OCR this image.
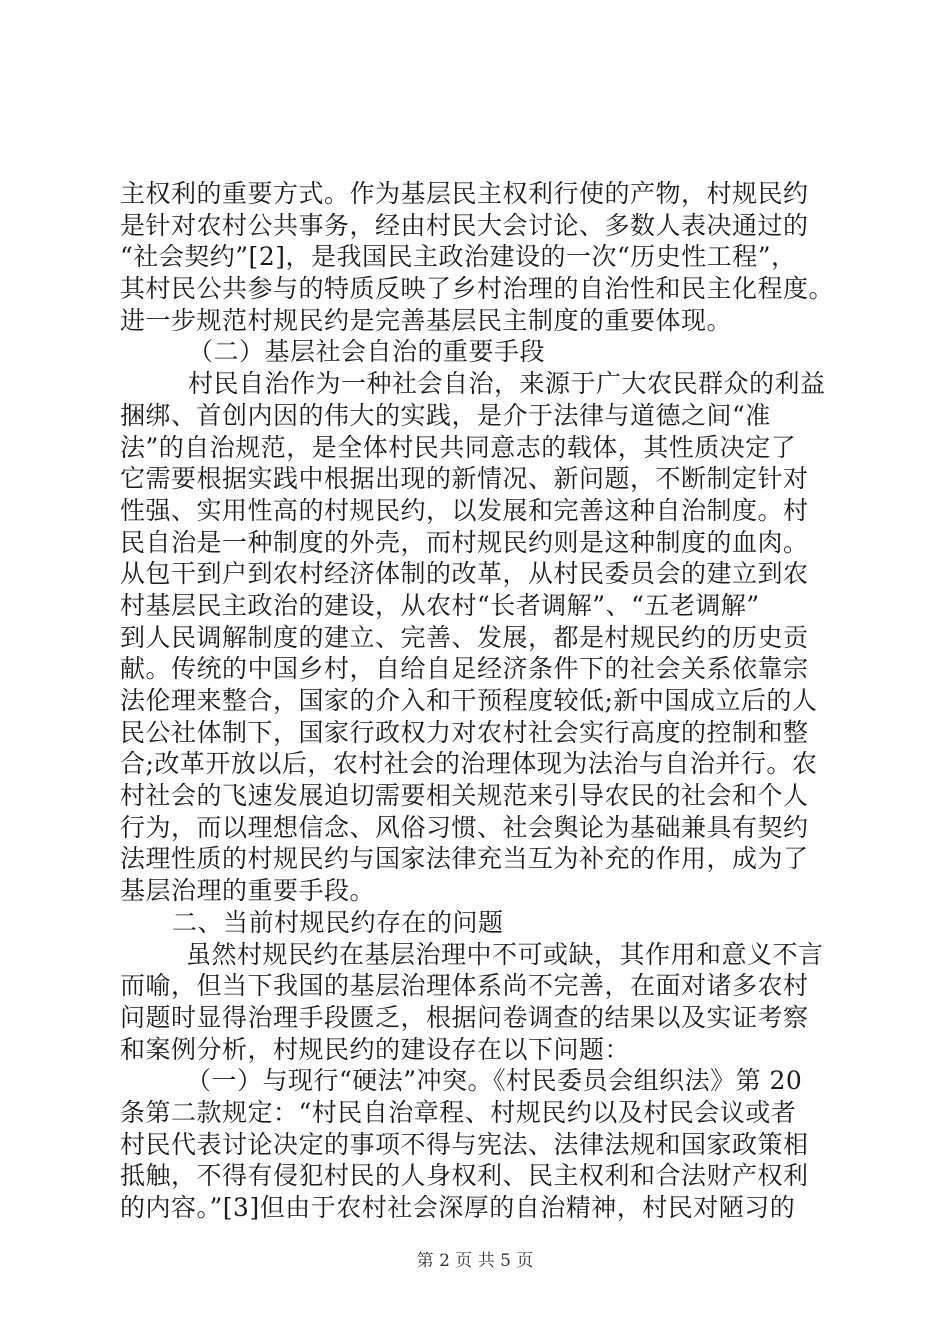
主权利的重要方式。作为基层民主权利行使的产物，村规民约
是针对农村公共事务，经由村民大会讨论、多数人表决通过的
“社会契约”[2]，是我国民主政治建设的一次“历史性工程”，
其村民公共参与的特质反映了乡村治理的自治性和民主化程度。
进一步规范村规民约是完善基层民主制度的重要体现。
（二）基层社会自治的重要手段
村民自治作为一种社会自治，来源于广大农民群众的利益
捆绑、首创内因的伟大的实践，是介于法律与道德之间“准
法”的自治规范，是全体村民共同意志的载体，其性质决定了
它需要根据实践中根据出现的新情况、新问题，不断制定针对
性强、实用性高的村规民约，以发展和完善这种自治制度。村
民自治是一种制度的外壳，而村规民约则是这种制度的血肉。
从包干到户到农村经济体制的改革，从村民委员会的建立到农
村基层民主政治的建设，从农村“长者调解”、“五老调解”
到人民调解制度的建立、完善、发展，都是村规民约的历史贡
献。传统的中国乡村，自给自足经济条件下的社会关系依靠宗
法伦理来整合，国家的介入和干预程度较低;新中国成立后的人
民公社体制下，国家行政权力对农村社会实行高度的控制和整
合;改革开放以后，农村社会的治理体现为法治与自治并行。农
村社会的飞速发展迫切需要相关规范来引导农民的社会和个人
行为，而以理想信念、风俗习惯、社会舆论为基础兼具有契约
法理性质的村规民约与国家法律充当互为补充的作用，成为了
基层治理的重要手段。
二、当前村规民约存在的问题
虽然村规民约在基层治理中不可或缺，其作用和意义不言
而喻，但当下我国的基层治理体系尚不完善，在面对诸多农村
问题时显得治理手段匮乏，根据问卷调查的结果以及实证考察
和案例分析，村规民约的建设存在以下问题：
（一）与现行“硬法”冲突。《村民委员会组织法》第 20
条第二款规定：“村民自治章程、村规民约以及村民会议或者
村民代表讨论决定的事项不得与宪法、法律法规和国家政策相
抵触，不得有侵犯村民的人身权利、民主权利和合法财产权利
的内容。”[3]但由于农村社会深厚的自治精神，村民对陋习的
第 2 页 共 5 页
